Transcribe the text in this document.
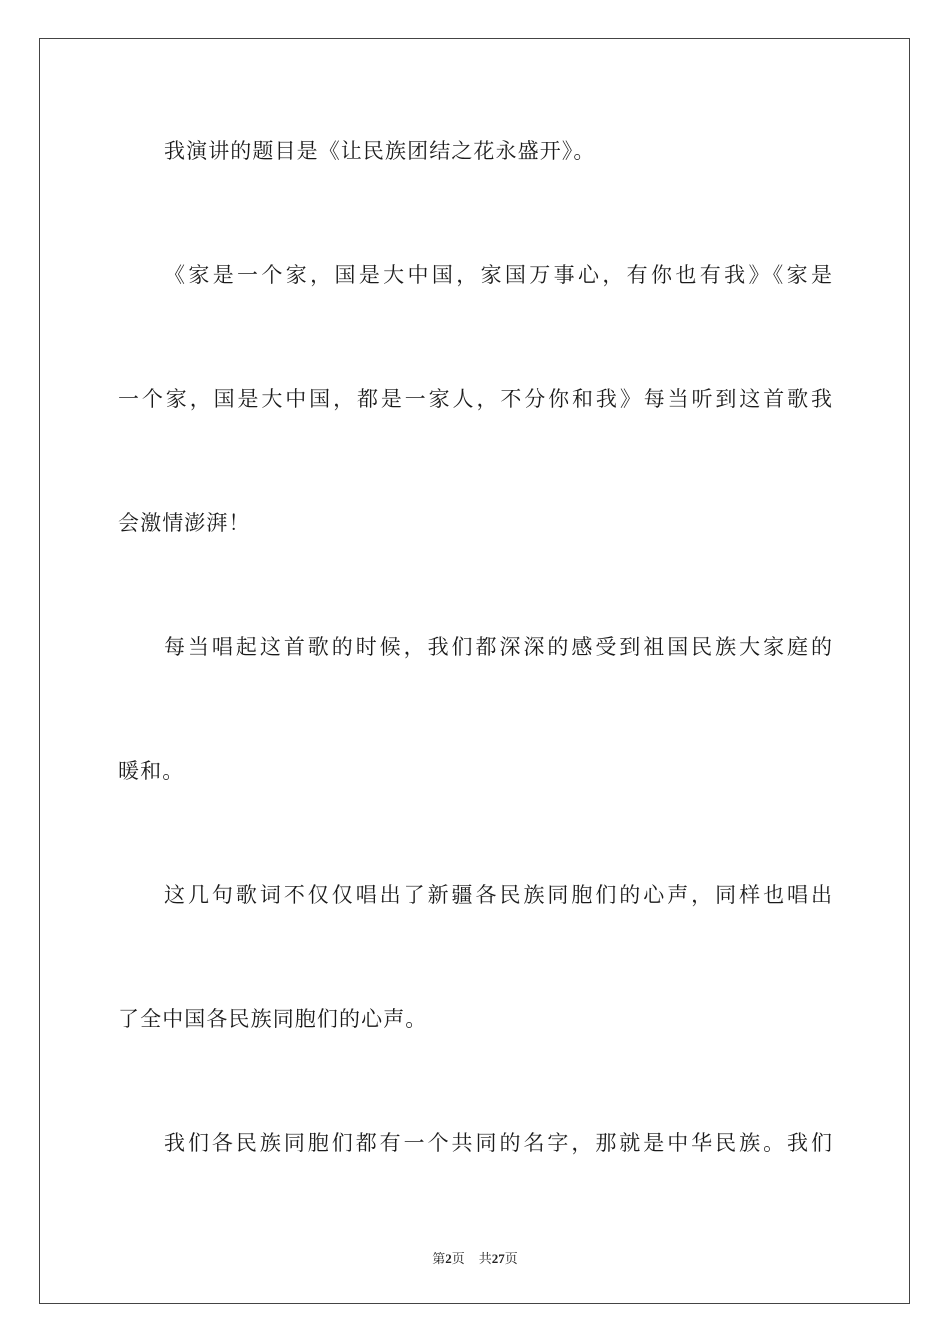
我演讲的题目是《让民族团结之花永盛开》。
《家是一个家，国是大中国，家国万事心，有你也有我》《家是
一个家，国是大中国，都是一家人，不分你和我》每当听到这首歌我
会激情澎湃！
每当唱起这首歌的时候，我们都深深的感受到祖国民族大家庭的
暖和。
这几句歌词不仅仅唱出了新疆各民族同胞们的心声，同样也唱出
了全中国各民族同胞们的心声。
我们各民族同胞们都有一个共同的名字，那就是中华民族。我们
第2页 共27页
